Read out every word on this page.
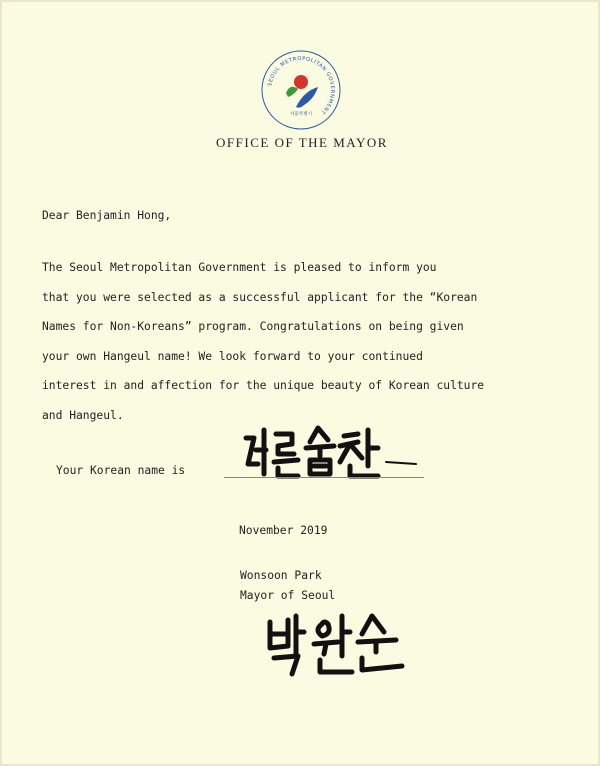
SEOUL METROPOLITAN GOVERNMENT
서울특별시
OFFICE OF THE MAYOR
Dear Benjamin Hong,
The Seoul Metropolitan Government is pleased to inform you
that you were selected as a successful applicant for the “Korean
Names for Non-Koreans” program. Congratulations on being given
your own Hangeul name! We look forward to your continued
interest in and affection for the unique beauty of Korean culture
and Hangeul.
Your Korean name is
November 2019
Wonsoon Park
Mayor of Seoul
